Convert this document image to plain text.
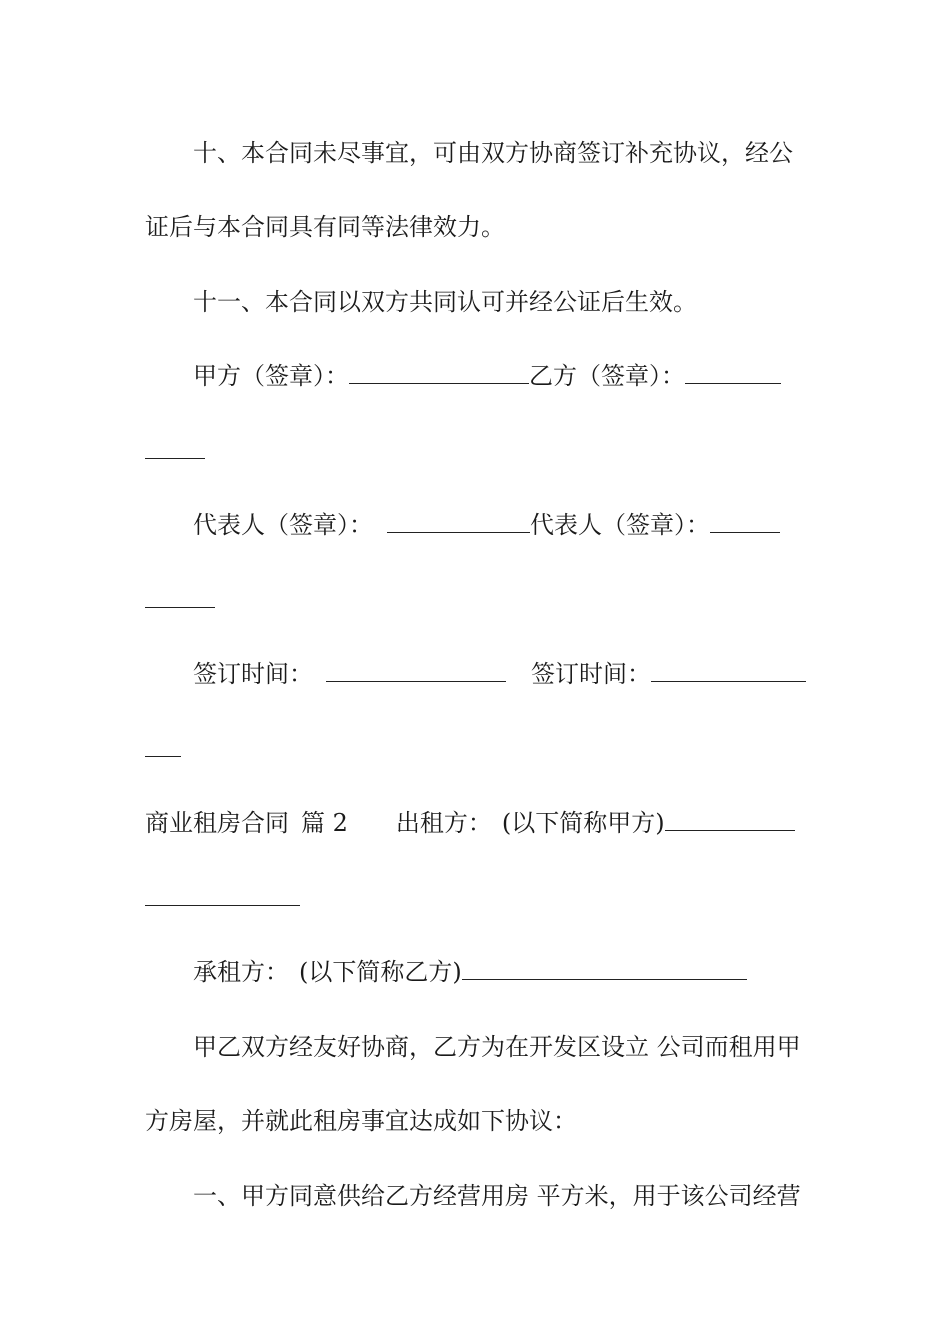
十、本合同未尽事宜，可由双方协商签订补充协议，经公
证后与本合同具有同等法律效力。
十一、本合同以双方共同认可并经公证后生效。
甲方（签章）：	乙方（签章）：
代表人（签章）：	代表人（签章）：
签订时间：	签订时间：
商业租房合同 篇 2 出租方： (以下简称甲方)
承租方： (以下简称乙方)
甲乙双方经友好协商，乙方为在开发区设立 公司而租用甲
方房屋，并就此租房事宜达成如下协议：
一、甲方同意供给乙方经营用房 平方米，用于该公司经营
